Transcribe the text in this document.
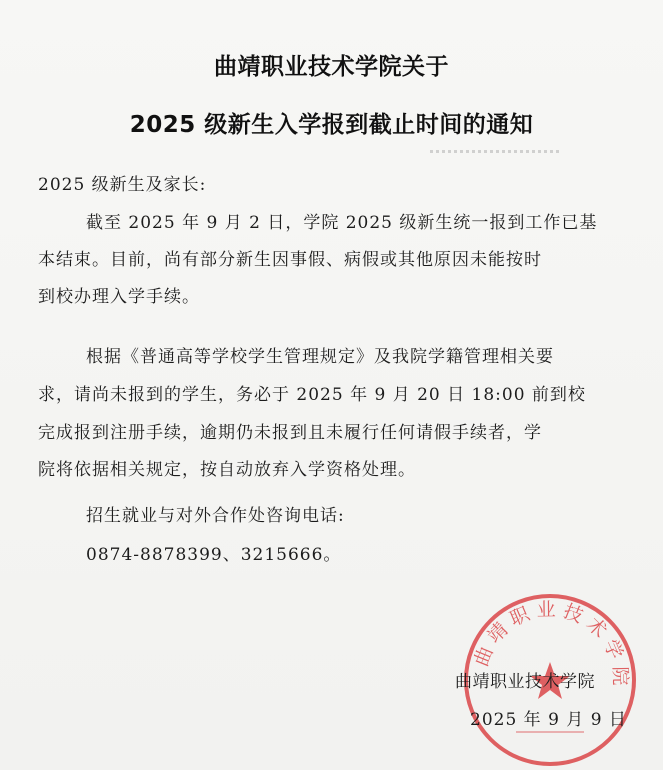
曲靖职业技术学院关于
2025 级新生入学报到截止时间的通知
2025 级新生及家长:
截至 2025 年 9 月 2 日，学院 2025 级新生统一报到工作已基
本结束。目前，尚有部分新生因事假、病假或其他原因未能按时
到校办理入学手续。
根据《普通高等学校学生管理规定》及我院学籍管理相关要
求，请尚未报到的学生，务必于 2025 年 9 月 20 日 18:00 前到校
完成报到注册手续，逾期仍未报到且未履行任何请假手续者，学
院将依据相关规定，按自动放弃入学资格处理。
招生就业与对外合作处咨询电话:
0874-8878399、3215666。
曲靖职业技术学院
曲靖职业技术学院
2025 年 9 月 9 日
